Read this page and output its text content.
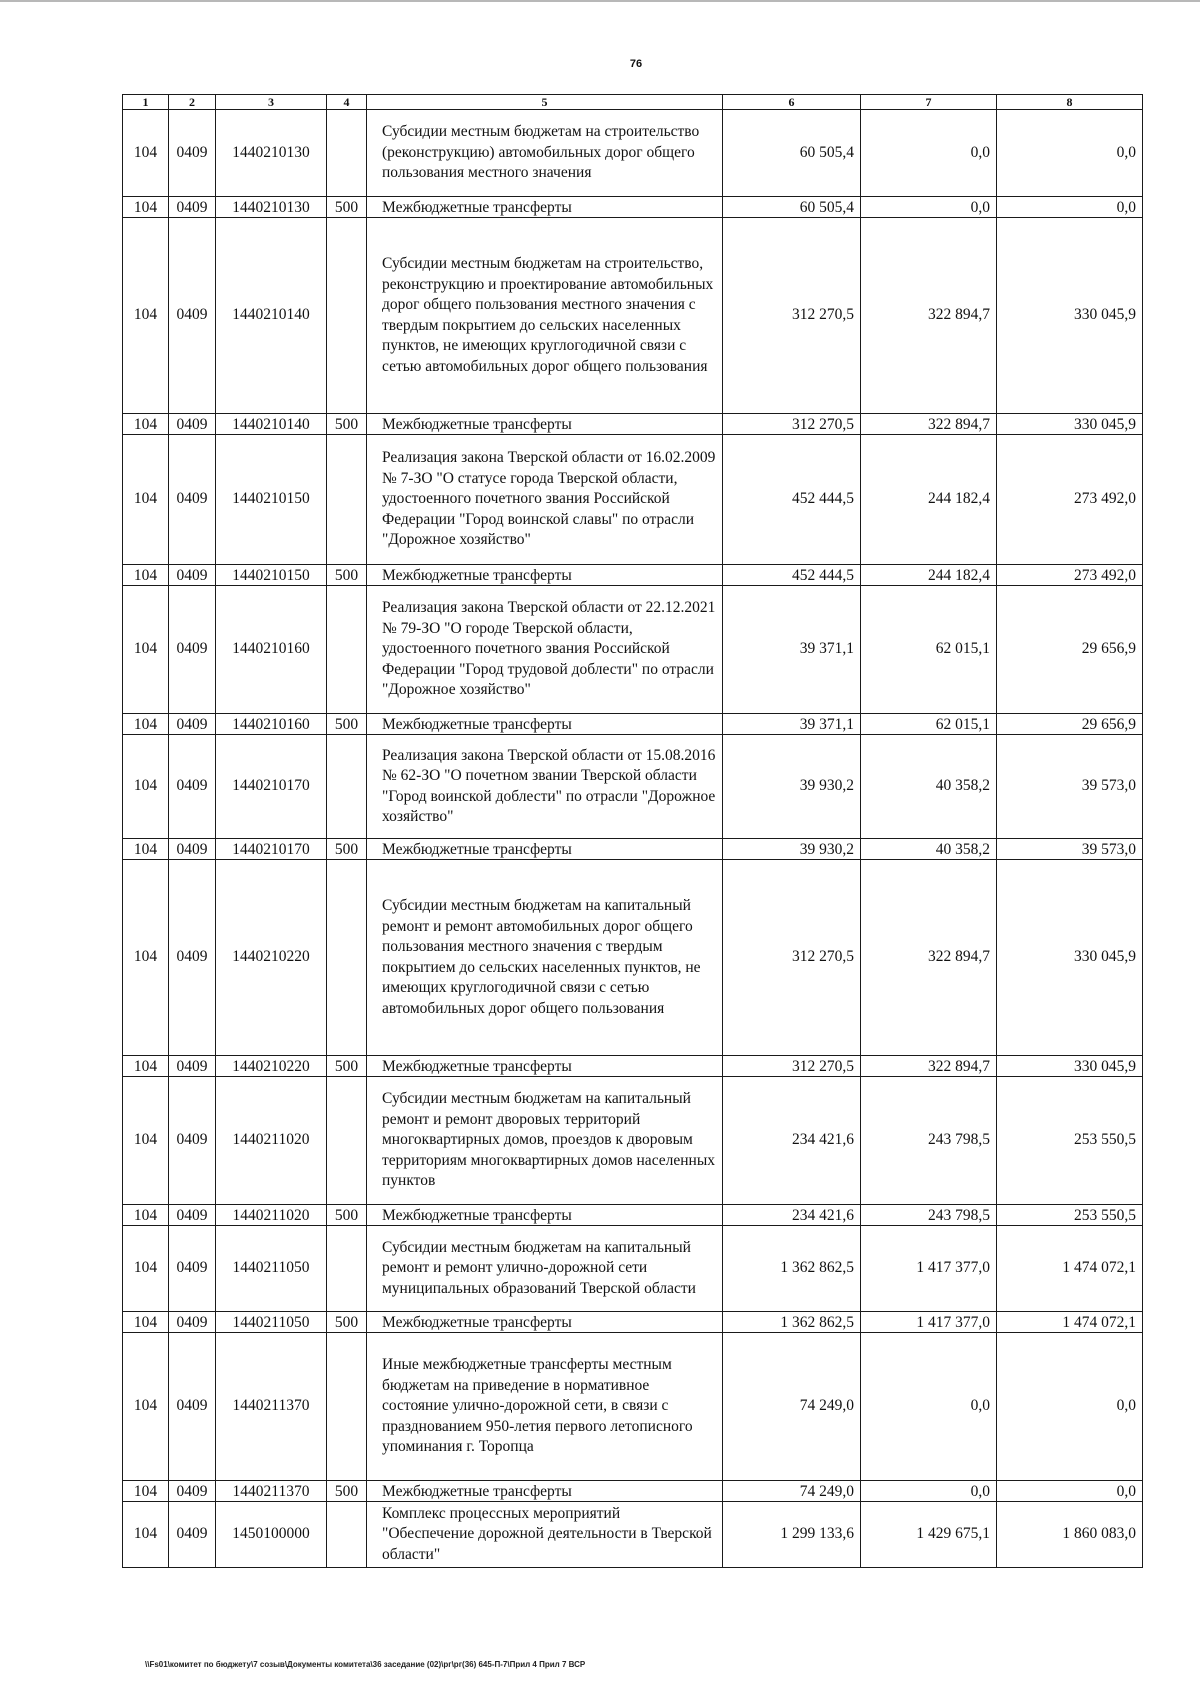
76
1	2	3	4	5	6	7	8
104	0409	1440210130		Субсидии местным бюджетам на строительство (реконструкцию) автомобильных дорог общего пользования местного значения	60 505,4	0,0	0,0
104	0409	1440210130	500	Межбюджетные трансферты	60 505,4	0,0	0,0
104	0409	1440210140		Субсидии местным бюджетам на строительство, реконструкцию и проектирование автомобильных дорог общего пользования местного значения с твердым покрытием до сельских населенных пунктов, не имеющих круглогодичной связи с сетью автомобильных дорог общего пользования	312 270,5	322 894,7	330 045,9
104	0409	1440210140	500	Межбюджетные трансферты	312 270,5	322 894,7	330 045,9
104	0409	1440210150		Реализация закона Тверской области от 16.02.2009 № 7-ЗО "О статусе города Тверской области, удостоенного почетного звания Российской Федерации "Город воинской славы" по отрасли "Дорожное хозяйство"	452 444,5	244 182,4	273 492,0
104	0409	1440210150	500	Межбюджетные трансферты	452 444,5	244 182,4	273 492,0
104	0409	1440210160		Реализация закона Тверской области от 22.12.2021 № 79-ЗО "О городе Тверской области, удостоенного почетного звания Российской Федерации "Город трудовой доблести" по отрасли "Дорожное хозяйство"	39 371,1	62 015,1	29 656,9
104	0409	1440210160	500	Межбюджетные трансферты	39 371,1	62 015,1	29 656,9
104	0409	1440210170		Реализация закона Тверской области от 15.08.2016 № 62-ЗО "О почетном звании Тверской области "Город воинской доблести" по отрасли "Дорожное хозяйство"	39 930,2	40 358,2	39 573,0
104	0409	1440210170	500	Межбюджетные трансферты	39 930,2	40 358,2	39 573,0
104	0409	1440210220		Субсидии местным бюджетам на капитальный ремонт и ремонт автомобильных дорог общего пользования местного значения с твердым покрытием до сельских населенных пунктов, не имеющих круглогодичной связи с сетью автомобильных дорог общего пользования	312 270,5	322 894,7	330 045,9
104	0409	1440210220	500	Межбюджетные трансферты	312 270,5	322 894,7	330 045,9
104	0409	1440211020		Субсидии местным бюджетам на капитальный ремонт и ремонт дворовых территорий многоквартирных домов, проездов к дворовым территориям многоквартирных домов населенных пунктов	234 421,6	243 798,5	253 550,5
104	0409	1440211020	500	Межбюджетные трансферты	234 421,6	243 798,5	253 550,5
104	0409	1440211050		Субсидии местным бюджетам на капитальный ремонт и ремонт улично-дорожной сети муниципальных образований Тверской области	1 362 862,5	1 417 377,0	1 474 072,1
104	0409	1440211050	500	Межбюджетные трансферты	1 362 862,5	1 417 377,0	1 474 072,1
104	0409	1440211370		Иные межбюджетные трансферты местным бюджетам на приведение в нормативное состояние улично-дорожной сети, в связи с празднованием 950-летия первого летописного упоминания г. Торопца	74 249,0	0,0	0,0
104	0409	1440211370	500	Межбюджетные трансферты	74 249,0	0,0	0,0
104	0409	1450100000		Комплекс процессных мероприятий "Обеспечение дорожной деятельности в Тверской области"	1 299 133,6	1 429 675,1	1 860 083,0
\\Fs01\комитет по бюджету\7 созыв\Документы комитета\36 заседание (02)\рг\рг(36) 645-П-7\Прил 4 Прил 7 ВСР
